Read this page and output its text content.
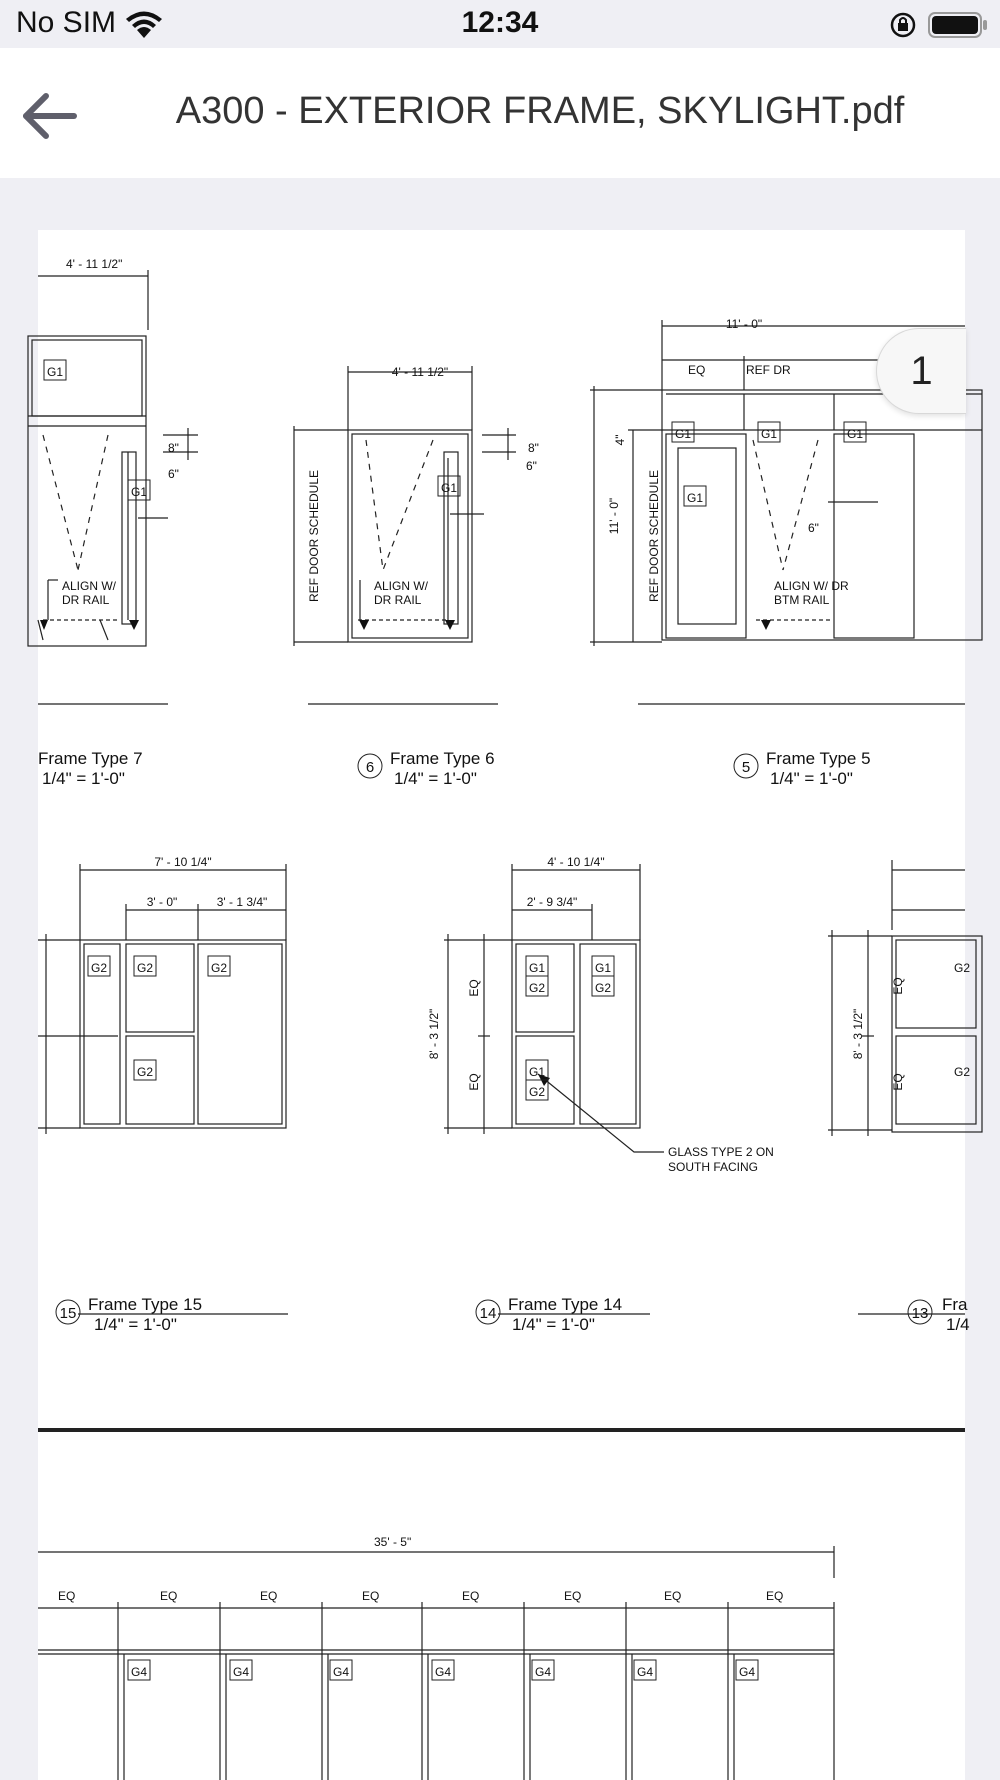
No SIM	12:34
A300 - EXTERIOR FRAME, SKYLIGHT.pdf
4' - 11 1/2"
G1
G1
6"
8"
ALIGN W/
DR RAIL
4' - 11 1/2"
G1
6"
8"
ALIGN W/
DR RAIL
REF DOOR SCHEDULE
11' - 0"
EQ	REF DR
G1	G1	G1
G1
6"
ALIGN W/ DR
BTM RAIL
REF DOOR SCHEDULE
11' - 0"
4"
7' - 10 1/4"
3' - 0"	3' - 1 3/4"
G2 G2	G2
G2
4' - 10 1/4"
2' - 9 3/4"
G1
G2
G1
G2
G1
G2
8' - 3 1/2"
EQ
EQ
GLASS TYPE 2 ON
SOUTH FACING
8' - 3 1/2"
EQ
EQ
G2
G2
35' - 5"
EQ	EQ	EQ	EQ	EQ	EQ	EQ	EQ
G4	G4	G4	G4	G4	G4	G4
Frame Type 7
1/4" = 1'-0"
6 Frame Type 6
1/4" = 1'-0"
5 Frame Type 5
1/4" = 1'-0"
15 Frame Type 15
1/4" = 1'-0"
14 Frame Type 14
1/4" = 1'-0"
13 Fra
1/4
1
